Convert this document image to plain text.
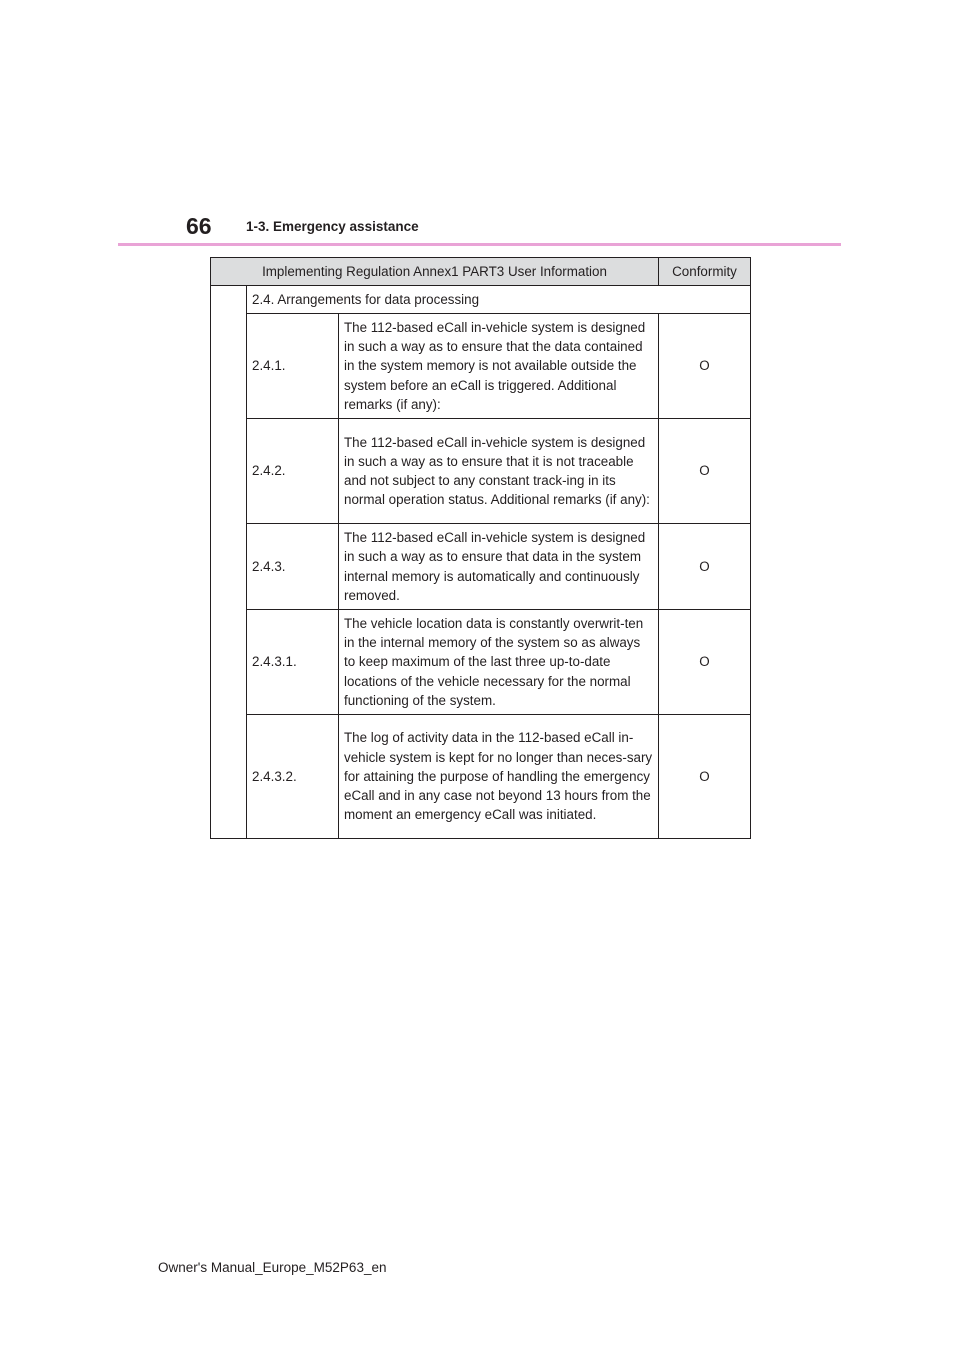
66	1-3. Emergency assistance
Implementing Regulation Annex1 PART3 User Information			Conformity
	2.4. Arrangements for data processing		
	2.4.1.	The 112-based eCall in-vehicle system is designed in such a way as to ensure that the data contained in the system memory is not available outside the system before an eCall is triggered. Additional remarks (if any):	O
	2.4.2.	The 112-based eCall in-vehicle system is designed in such a way as to ensure that it is not traceable and not subject to any constant track-ing in its normal operation status. Additional remarks (if any):	O
	2.4.3.	The 112-based eCall in-vehicle system is designed in such a way as to ensure that data in the system internal memory is automatically and continuously removed.	O
	2.4.3.1.	The vehicle location data is constantly overwrit-ten in the internal memory of the system so as always to keep maximum of the last three up-to-date locations of the vehicle necessary for the normal functioning of the system.	O
	2.4.3.2.	The log of activity data in the 112-based eCall in-vehicle system is kept for no longer than neces-sary for attaining the purpose of handling the emergency eCall and in any case not beyond 13 hours from the moment an emergency eCall was initiated.	O
Owner's Manual_Europe_M52P63_en
